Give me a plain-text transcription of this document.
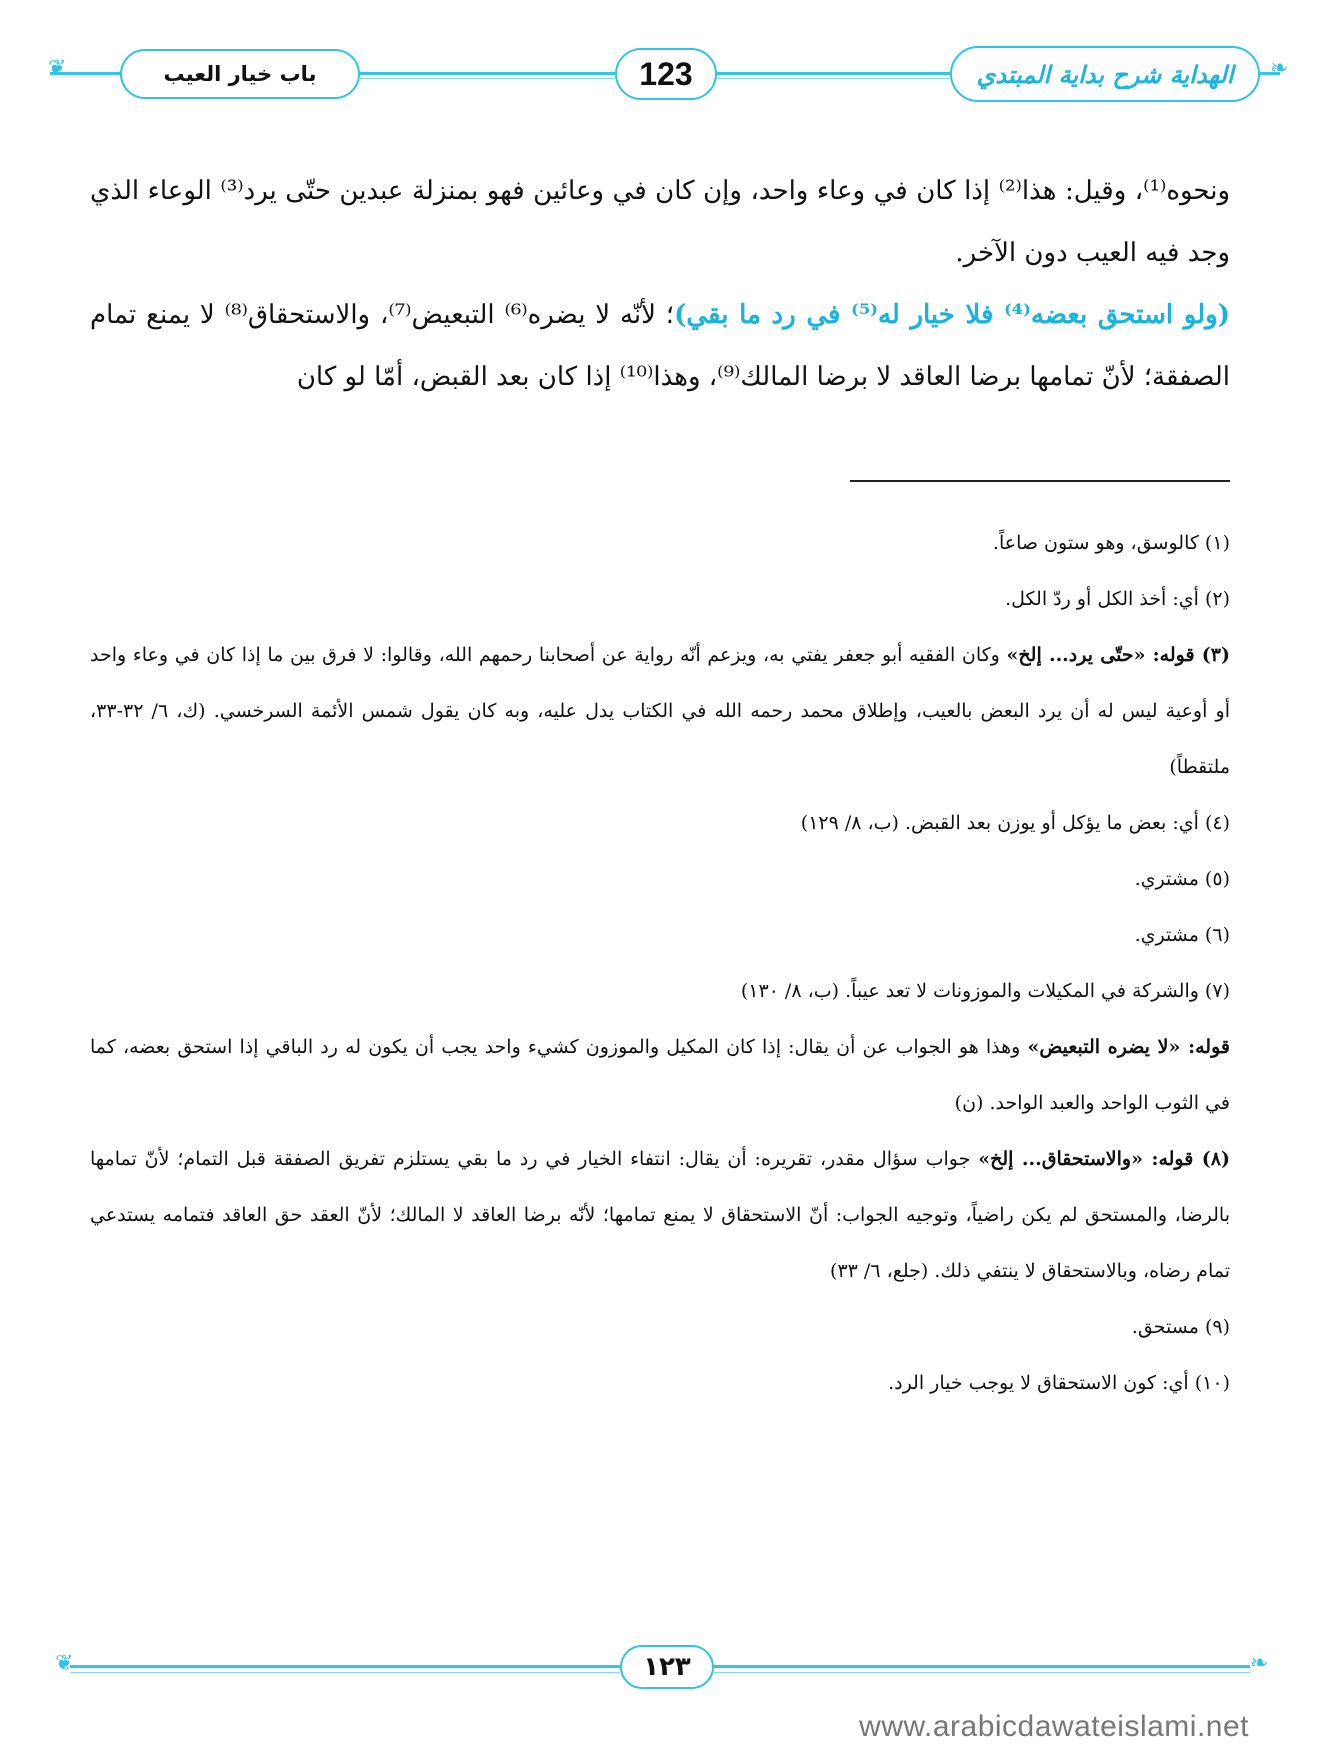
❦	❧
باب خيار العيب	123	الهداية شرح بداية المبتدي

ونحوه⁽¹⁾، وقيل: هذا⁽²⁾ إذا كان في وعاء واحد، وإن كان في وعائين فهو بمنزلة عبدين حتّى يرد⁽³⁾ الوعاء الذي وجد فيه العيب دون الآخر.

(ولو استحق بعضه⁽⁴⁾ فلا خيار له⁽⁵⁾ في رد ما بقي)؛ لأنّه لا يضره⁽⁶⁾ التبعيض⁽⁷⁾، والاستحقاق⁽⁸⁾ لا يمنع تمام الصفقة؛ لأنّ تمامها برضا العاقد لا برضا المالك⁽⁹⁾، وهذا⁽¹⁰⁾ إذا كان بعد القبض، أمّا لو كان

(١) كالوسق، وهو ستون صاعاً.

(٢) أي: أخذ الكل أو ردّ الكل.

(٣) قوله: «حتّى يرد... إلخ» وكان الفقيه أبو جعفر يفتي به، ويزعم أنّه رواية عن أصحابنا رحمهم الله، وقالوا: لا فرق بين ما إذا كان في وعاء واحد أو أوعية ليس له أن يرد البعض بالعيب، وإطلاق محمد رحمه الله في الكتاب يدل عليه، وبه كان يقول شمس الأئمة السرخسي. (ك، ٦/ ٣٢-٣٣، ملتقطاً)

(٤) أي: بعض ما يؤكل أو يوزن بعد القبض. (ب، ٨/ ١٢٩)

(٥) مشتري.

(٦) مشتري.

(٧) والشركة في المكيلات والموزونات لا تعد عيباً. (ب، ٨/ ١٣٠)

قوله: «لا يضره التبعيض» وهذا هو الجواب عن أن يقال: إذا كان المكيل والموزون كشيء واحد يجب أن يكون له رد الباقي إذا استحق بعضه، كما في الثوب الواحد والعبد الواحد. (ن)

(٨) قوله: «والاستحقاق... إلخ» جواب سؤال مقدر، تقريره: أن يقال: انتفاء الخيار في رد ما بقي يستلزم تفريق الصفقة قبل التمام؛ لأنّ تمامها بالرضا، والمستحق لم يكن راضياً، وتوجيه الجواب: أنّ الاستحقاق لا يمنع تمامها؛ لأنّه برضا العاقد لا المالك؛ لأنّ العقد حق العاقد فتمامه يستدعي تمام رضاه، وبالاستحقاق لا ينتفي ذلك. (جلع، ٦/ ٣٣)

(٩) مستحق.

(١٠) أي: كون الاستحقاق لا يوجب خيار الرد.

❦	❧
١٢٣
www.arabicdawateislami.net
